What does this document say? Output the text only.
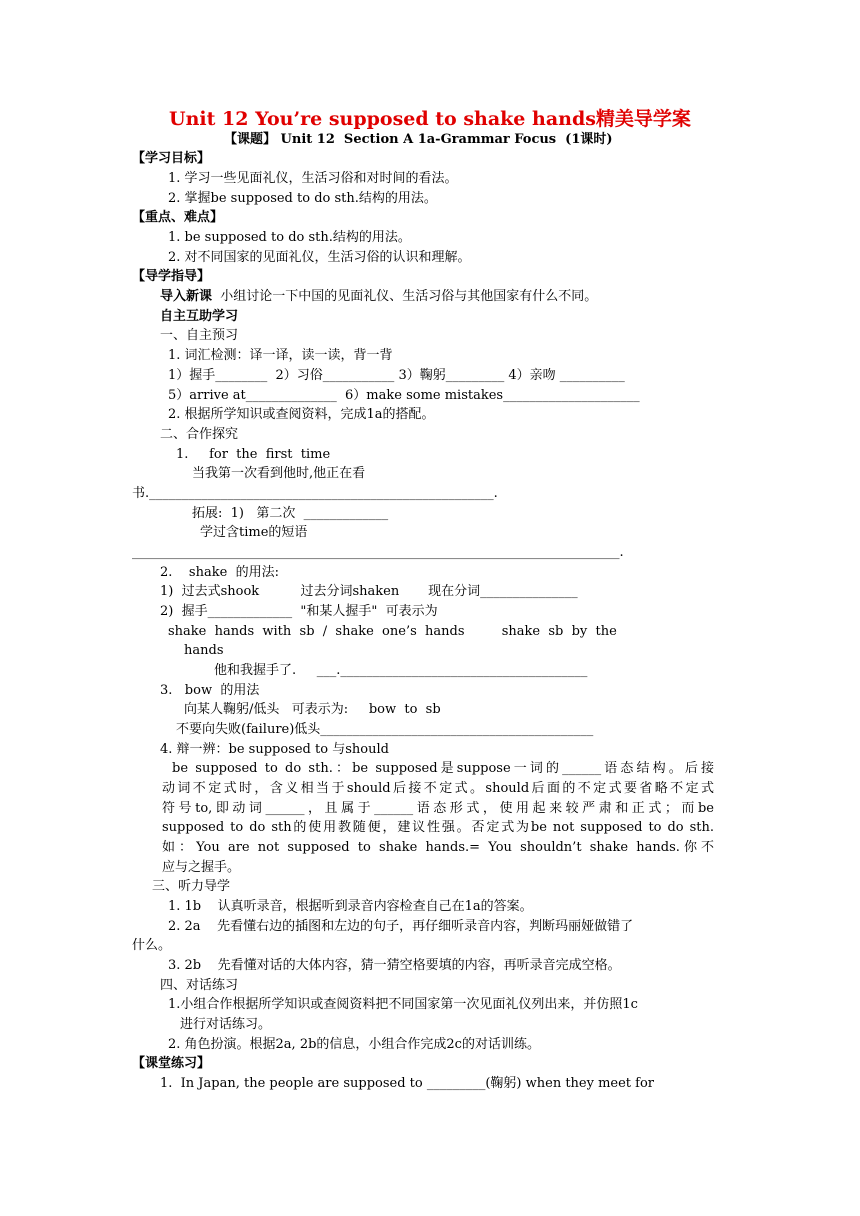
Unit 12 You’re supposed to shake hands精美导学案
【课题】 Unit 12  Section A 1a-Grammar Focus  (1课时)
【学习目标】
1. 学习一些见面礼仪，生活习俗和对时间的看法。
2. 掌握be supposed to do sth.结构的用法。
【重点、难点】
1. be supposed to do sth.结构的用法。
2. 对不同国家的见面礼仪，生活习俗的认识和理解。
【导学指导】
导入新课  小组讨论一下中国的见面礼仪、生活习俗与其他国家有什么不同。
自主互助学习
一、自主预习
1. 词汇检测：译一译，读一读，背一背
1）握手________  2）习俗___________ 3）鞠躬_________ 4）亲吻 __________
5）arrive at______________  6）make some mistakes_____________________
2. 根据所学知识或查阅资料，完成1a的搭配。
二、合作探究
1.     for  the  first  time
当我第一次看到他时,他正在看
书._____________________________________________________.
拓展:  1)   第二次  _____________
学过含time的短语
___________________________________________________________________________.
2.    shake  的用法:
1)  过去式shook          过去分词shaken       现在分词_______________
2)  握手_____________  "和某人握手"  可表示为
shake  hands  with  sb  /  shake  one’s  hands         shake  sb  by  the
hands
他和我握手了.     ___.______________________________________
3.   bow  的用法
向某人鞠躬/低头   可表示为:     bow  to  sb
不要向失败(failure)低头__________________________________________
4. 辩一辨：be supposed to 与should
be supposed to do sth.：be supposed是suppose一词的______语态结构。后接
动词不定式时，含义相当于should后接不定式。should后面的不定式要省略不定式
符号to,即动词______，且属于______语态形式，使用起来较严肃和正式；而be
supposed to do sth的使用教随便，建议性强。否定式为be not supposed to do sth.
如：You are not supposed to shake hands.= You shouldn’t shake hands.你不
应与之握手。
三、听力导学
1. 1b    认真听录音，根据听到录音内容检查自己在1a的答案。
2. 2a    先看懂右边的插图和左边的句子，再仔细听录音内容，判断玛丽娅做错了
什么。
3. 2b    先看懂对话的大体内容，猜一猜空格要填的内容，再听录音完成空格。
四、对话练习
1.小组合作根据所学知识或查阅资料把不同国家第一次见面礼仪列出来，并仿照1c
进行对话练习。
2. 角色扮演。根据2a, 2b的信息，小组合作完成2c的对话训练。
【课堂练习】
1.  In Japan, the people are supposed to _________(鞠躬) when they meet for
